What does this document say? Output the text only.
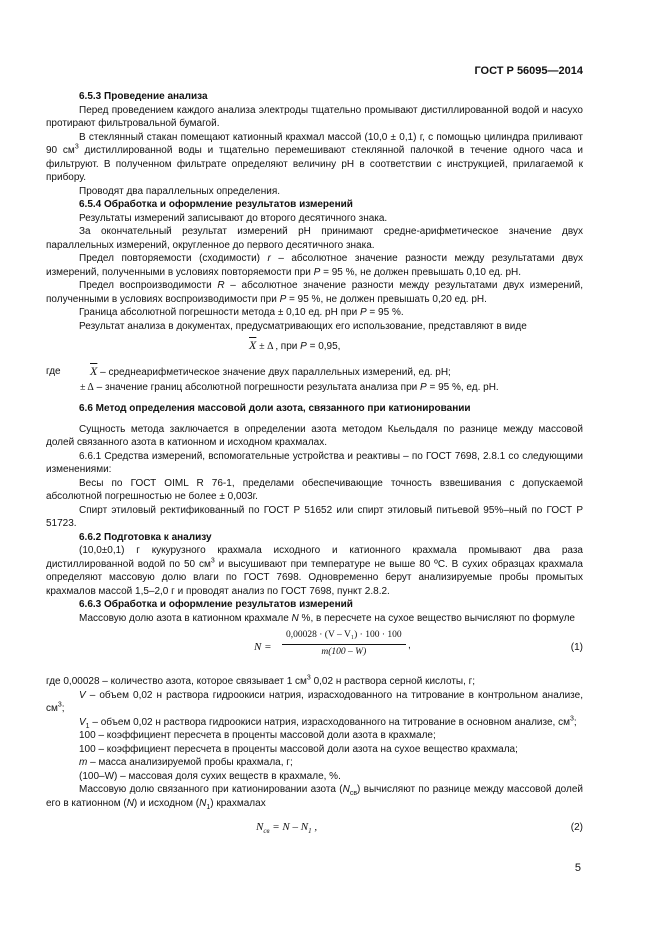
ГОСТ Р 56095—2014

6.5.3 Проведение анализа

Перед проведением каждого анализа электроды тщательно промывают дистиллированной водой и насухо протирают фильтровальной бумагой.

В стеклянный стакан помещают катионный крахмал массой (10,0 ± 0,1) г, с помощью цилиндра приливают 90 $см^3$ дистиллированной воды и тщательно перемешивают стеклянной палочкой в течение одного часа и фильтруют. В полученном фильтрате определяют величину рН в соответствии с инструкцией, прилагаемой к прибору.

Проводят два параллельных определения.

6.5.4 Обработка и оформление результатов измерений

Результаты измерений записывают до второго десятичного знака.

За окончательный результат измерений рН принимают средне-арифметическое значение двух параллельных измерений, округленное до первого десятичного знака.

Предел повторяемости (сходимости) r – абсолютное значение разности между результатами двух измерений, полученными в условиях повторяемости при P = 95 %, не должен превышать 0,10 ед. рН.

Предел воспроизводимости R – абсолютное значение разности между результатами двух измерений, полученными в условиях воспроизводимости при P = 95 %, не должен превышать 0,20 ед. рН.

Граница абсолютной погрешности метода ± 0,10 ед. рН при P = 95 %.

Результат анализа в документах, предусматривающих его использование, представляют в виде

$\overline{X} \pm \Delta$ , при P = 0,95,

где $\overline{X}$ – среднеарифметическое значение двух параллельных измерений, ед. рН;

± Δ – значение границ абсолютной погрешности результата анализа при P = 95 %, ед. рН.

6.6 Метод определения массовой доли азота, связанного при катионировании

Сущность метода заключается в определении азота методом Кьельдаля по разнице между массовой долей связанного азота в катионном и исходном крахмалах.

6.6.1 Средства измерений, вспомогательные устройства и реактивы – по ГОСТ 7698, 2.8.1 со следующими изменениями:

Весы по ГОСТ OIML R 76-1, пределами обеспечивающие точность взвешивания с допускаемой абсолютной погрешностью не более ± 0,003г.

Спирт этиловый ректификованный по ГОСТ Р 51652 или спирт этиловый питьевой 95%–ный по ГОСТ Р 51723.

6.6.2 Подготовка к анализу

(10,0±0,1) г кукурузного крахмала исходного и катионного крахмала промывают два раза дистиллированной водой по 50 $см^3$ и высушивают при температуре не выше 80 ºС. В сухих образцах крахмала определяют массовую долю влаги по ГОСТ 7698. Одновременно берут анализируемые пробы промытых крахмалов массой 1,5–2,0 г и проводят анализ по ГОСТ 7698, пункт 2.8.2.

6.6.3 Обработка и оформление результатов измерений

Массовую долю азота в катионном крахмале N %, в пересчете на сухое вещество вычисляют по формуле

$N = \frac{\text{0,00028 · (V – V₁) · 100 · 100}}{m(100 - W)}$ ,	(1)

где 0,00028 – количество азота, которое связывает 1 $см^3$ 0,02 н раствора серной кислоты, г;

V – объем 0,02 н раствора гидроокиси натрия, израсходованного на титрование в контрольном анализе, $см^3$;

$V_1$ – объем 0,02 н раствора гидроокиси натрия, израсходованного на титрование в основном анализе, $см^3$;

100 – коэффициент пересчета в проценты массовой доли азота в крахмале;

100 – коэффициент пересчета в проценты массовой доли азота на сухое вещество крахмала;

m – масса анализируемой пробы крахмала, г;

(100–W) – массовая доля сухих веществ в крахмале, %.

Массовую долю связанного при катионировании азота $(N_{св})$ вычисляют по разнице между массовой долей его в катионном (N) и исходном $(N_1)$ крахмалах

$N_{св} = N - N_1$ ,	(2)
5
